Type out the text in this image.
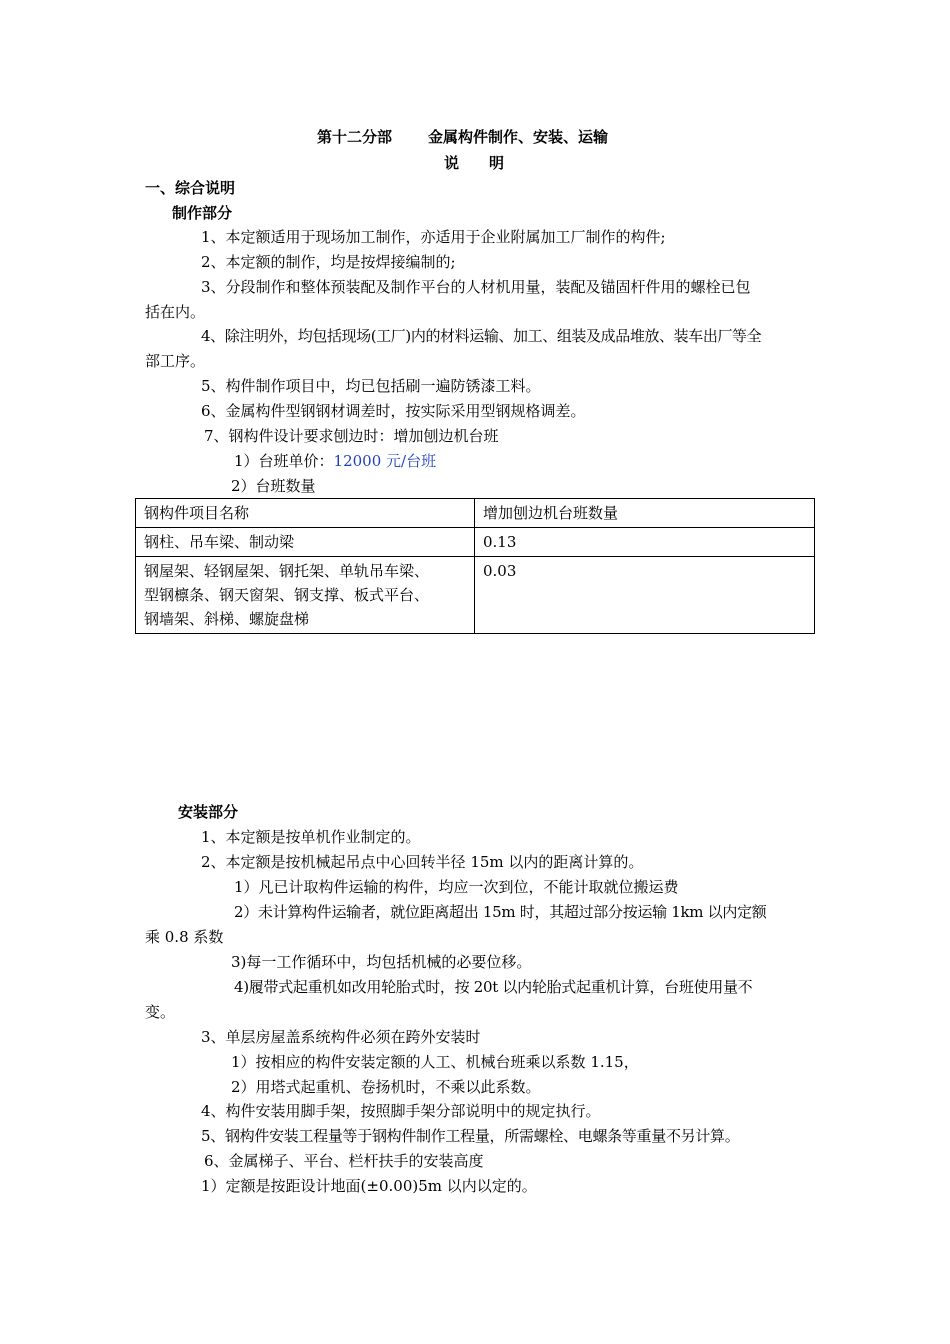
第十二分部 金属构件制作、安装、运输
说　　明
一、综合说明
制作部分
1、本定额适用于现场加工制作，亦适用于企业附属加工厂制作的构件;
2、本定额的制作，均是按焊接编制的;
3、分段制作和整体预装配及制作平台的人材机用量，装配及锚固杆件用的螺栓已包
括在内。
4、除注明外，均包括现场(工厂)内的材料运输、加工、组装及成品堆放、装车出厂等全
部工序。
5、构件制作项目中，均已包括刷一遍防锈漆工料。
6、金属构件型钢钢材调差时，按实际采用型钢规格调差。
7、钢构件设计要求刨边时：增加刨边机台班
1）台班单价：12000 元/台班
2）台班数量
钢构件项目名称	增加刨边机台班数量
钢柱、吊车梁、制动梁	0.13

钢屋架、轻钢屋架、钢托架、单轨吊车梁、
型钢檩条、钢天窗架、钢支撑、板式平台、
钢墙架、斜梯、螺旋盘梯	0.03
安装部分
1、本定额是按单机作业制定的。
2、本定额是按机械起吊点中心回转半径 15m 以内的距离计算的。
1）凡已计取构件运输的构件，均应一次到位，不能计取就位搬运费
2）未计算构件运输者，就位距离超出 15m 时，其超过部分按运输 1km 以内定额
乘 0.8 系数
3)每一工作循环中，均包括机械的必要位移。
4)履带式起重机如改用轮胎式时，按 20t 以内轮胎式起重机计算，台班使用量不
变。
3、单层房屋盖系统构件必须在跨外安装时
1）按相应的构件安装定额的人工、机械台班乘以系数 1.15，
2）用塔式起重机、卷扬机时，不乘以此系数。
4、构件安装用脚手架，按照脚手架分部说明中的规定执行。
5、钢构件安装工程量等于钢构件制作工程量，所需螺栓、电螺条等重量不另计算。
6、金属梯子、平台、栏杆扶手的安装高度
1）定额是按距设计地面(±0.00)5m 以内以定的。
